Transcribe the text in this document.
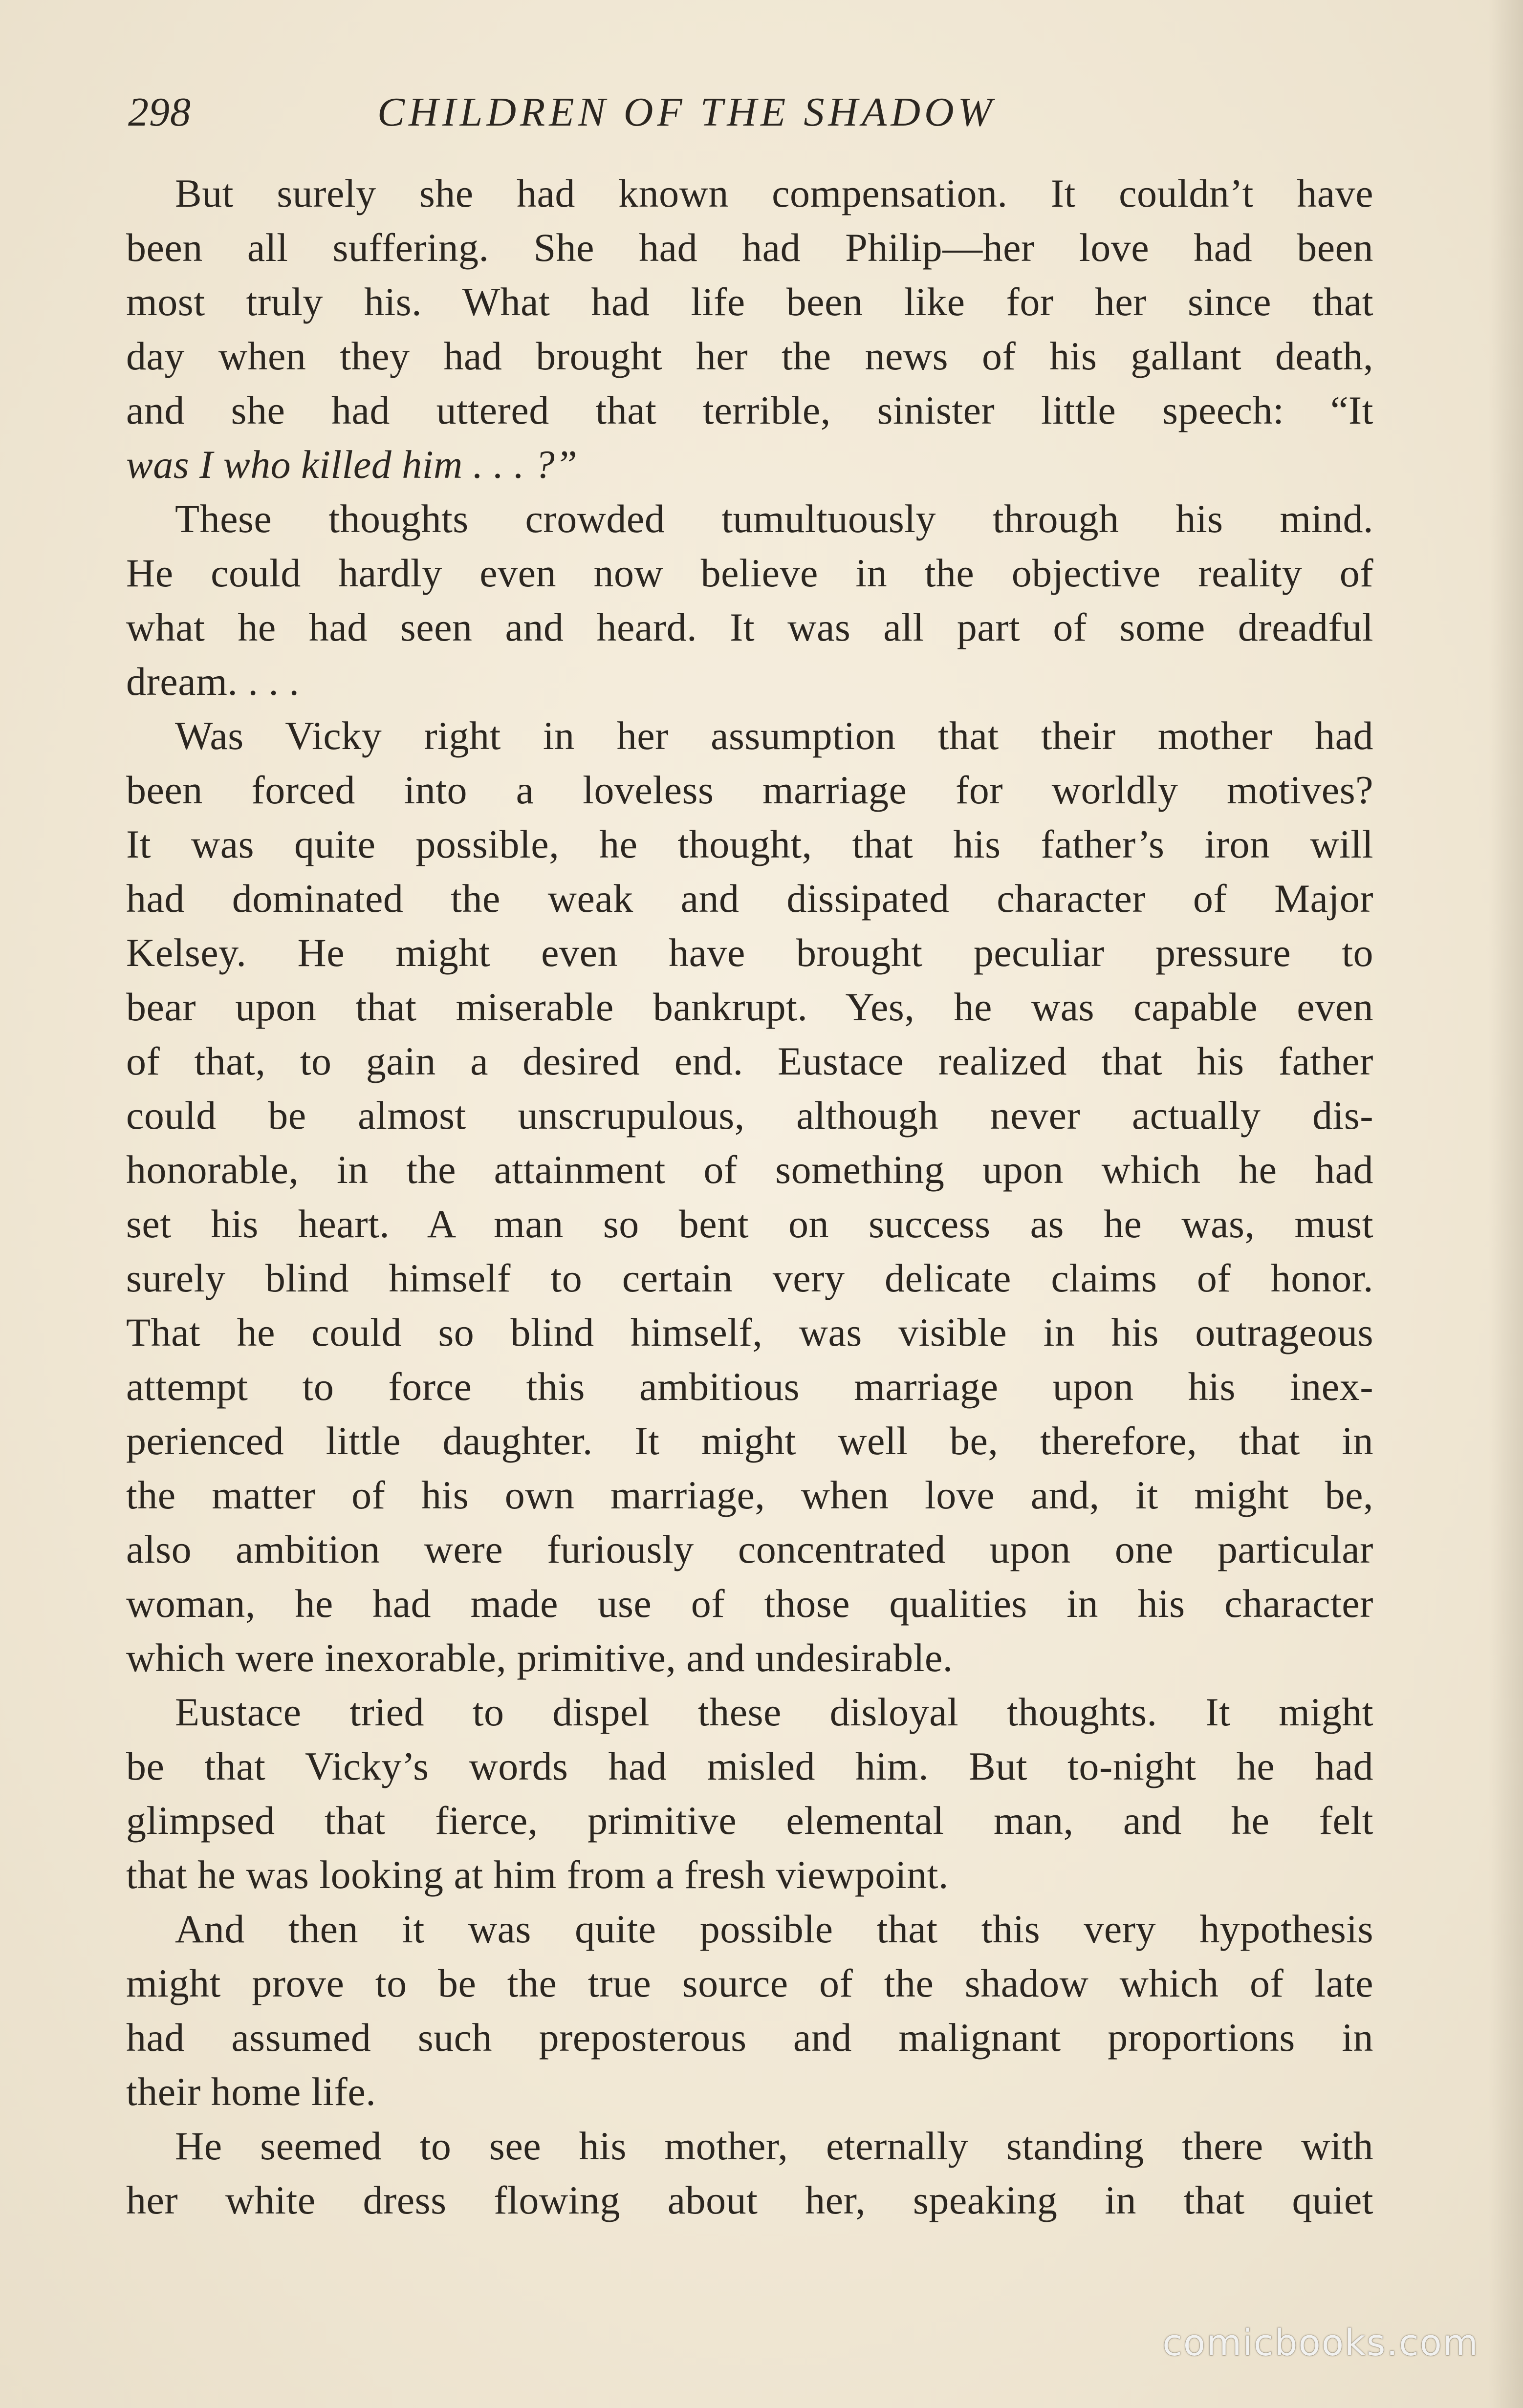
298	CHILDREN OF THE SHADOW
But surely she had known compensation. It couldn’t have
been all suffering. She had had Philip—her love had been
most truly his. What had life been like for her since that
day when they had brought her the news of his gallant death,
and she had uttered that terrible, sinister little speech: “It
was I who killed him . . . ?”
These thoughts crowded tumultuously through his mind.
He could hardly even now believe in the objective reality of
what he had seen and heard. It was all part of some dreadful
dream. . . .
Was Vicky right in her assumption that their mother had
been forced into a loveless marriage for worldly motives?
It was quite possible, he thought, that his father’s iron will
had dominated the weak and dissipated character of Major
Kelsey. He might even have brought peculiar pressure to
bear upon that miserable bankrupt. Yes, he was capable even
of that, to gain a desired end. Eustace realized that his father
could be almost unscrupulous, although never actually dis-
honorable, in the attainment of something upon which he had
set his heart. A man so bent on success as he was, must
surely blind himself to certain very delicate claims of honor.
That he could so blind himself, was visible in his outrageous
attempt to force this ambitious marriage upon his inex-
perienced little daughter. It might well be, therefore, that in
the matter of his own marriage, when love and, it might be,
also ambition were furiously concentrated upon one particular
woman, he had made use of those qualities in his character
which were inexorable, primitive, and undesirable.
Eustace tried to dispel these disloyal thoughts. It might
be that Vicky’s words had misled him. But to-night he had
glimpsed that fierce, primitive elemental man, and he felt
that he was looking at him from a fresh viewpoint.
And then it was quite possible that this very hypothesis
might prove to be the true source of the shadow which of late
had assumed such preposterous and malignant proportions in
their home life.
He seemed to see his mother, eternally standing there with
her white dress flowing about her, speaking in that quiet
comicbooks.com
